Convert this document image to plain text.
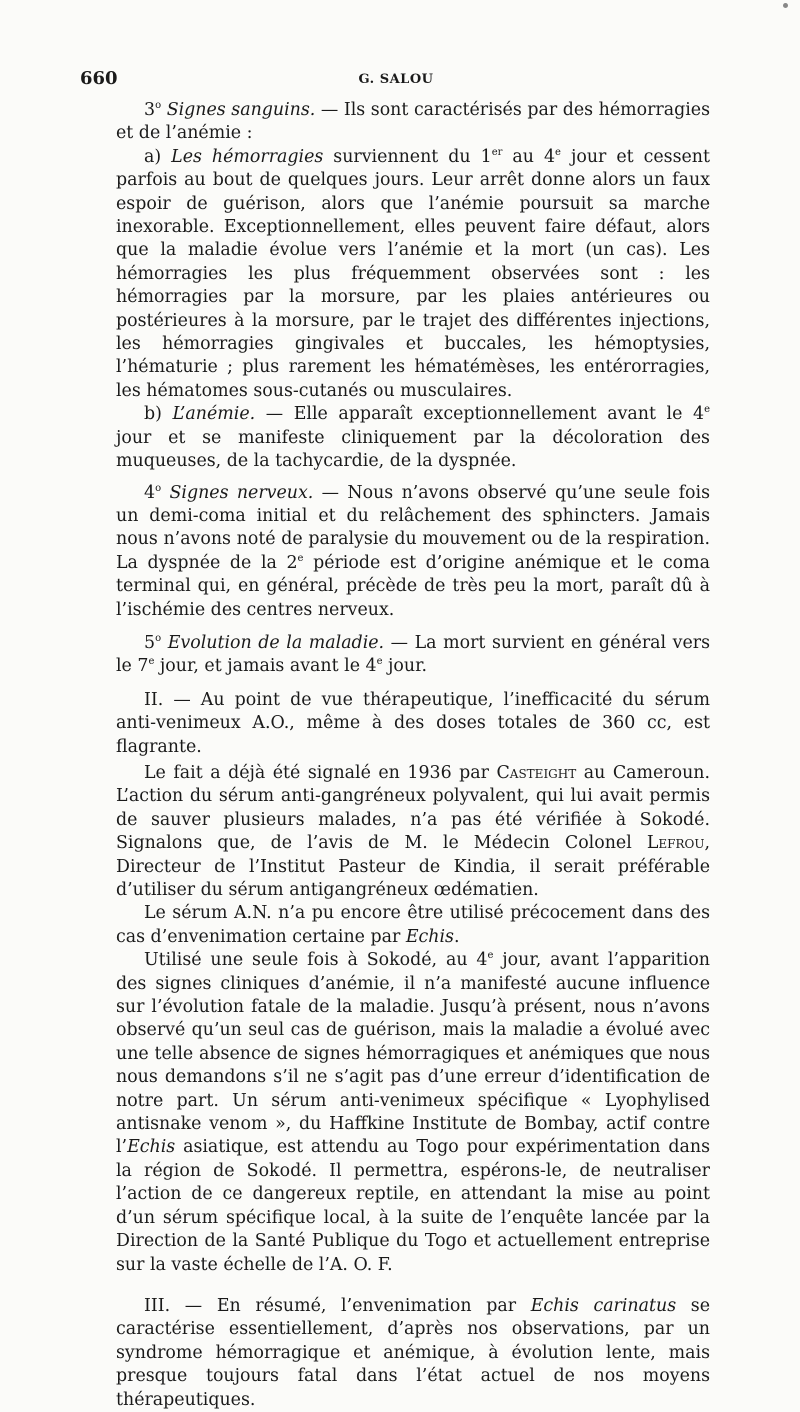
660	G. SALOU

3$^o$ Signes sanguins. — Ils sont caractérisés par des hémorragies et de l’anémie :

a) Les hémorragies surviennent du 1er au 4e jour et cessent parfois au bout de quelques jours. Leur arrêt donne alors un faux espoir de guérison, alors que l’anémie poursuit sa marche inexorable. Exceptionnellement, elles peuvent faire défaut, alors que la maladie évolue vers l’anémie et la mort (un cas). Les hémorragies les plus fréquemment observées sont : les hémorragies par la morsure, par les plaies antérieures ou postérieures à la morsure, par le trajet des différentes injections, les hémorragies gingivales et buccales, les hémoptysies, l’hématurie ; plus rarement les hématémèses, les entérorragies, les hématomes sous-cutanés ou musculaires.

b) L’anémie. — Elle apparaît exceptionnellement avant le 4e jour et se manifeste cliniquement par la décoloration des muqueuses, de la tachycardie, de la dyspnée.

4$^o$ Signes nerveux. — Nous n’avons observé qu’une seule fois un demi-coma initial et du relâchement des sphincters. Jamais nous n’avons noté de paralysie du mouvement ou de la respiration. La dyspnée de la 2e période est d’origine anémique et le coma terminal qui, en général, précède de très peu la mort, paraît dû à l’ischémie des centres nerveux.

5$^o$ Evolution de la maladie. — La mort survient en général vers le 7e jour, et jamais avant le 4e jour.

II. — Au point de vue thérapeutique, l’inefficacité du sérum anti-venimeux A.O., même à des doses totales de 360 cc, est flagrante.

Le fait a déjà été signalé en 1936 par Casteight au Cameroun. L’action du sérum anti-gangréneux polyvalent, qui lui avait permis de sauver plusieurs malades, n’a pas été vérifiée à Sokodé. Signalons que, de l’avis de M. le Médecin Colonel Lefrou, Directeur de l’Institut Pasteur de Kindia, il serait préférable d’utiliser du sérum antigangréneux œdématien.

Le sérum A.N. n’a pu encore être utilisé précocement dans des cas d’envenimation certaine par Echis.

Utilisé une seule fois à Sokodé, au 4e jour, avant l’apparition des signes cliniques d’anémie, il n’a manifesté aucune influence sur l’évolution fatale de la maladie. Jusqu’à présent, nous n’avons observé qu’un seul cas de guérison, mais la maladie a évolué avec une telle absence de signes hémorragiques et anémiques que nous nous demandons s’il ne s’agit pas d’une erreur d’identification de notre part. Un sérum anti-venimeux spécifique « Lyophylised antisnake venom », du Haffkine Institute de Bombay, actif contre l’Echis asiatique, est attendu au Togo pour expérimentation dans la région de Sokodé. Il permettra, espérons-le, de neutraliser l’action de ce dangereux reptile, en attendant la mise au point d’un sérum spécifique local, à la suite de l’enquête lancée par la Direction de la Santé Publique du Togo et actuellement entreprise sur la vaste échelle de l’A. O. F.

III. — En résumé, l’envenimation par Echis carinatus se caractérise essentiellement, d’après nos observations, par un syndrome hémorragique et anémique, à évolution lente, mais presque toujours fatal dans l’état actuel de nos moyens thérapeutiques.
